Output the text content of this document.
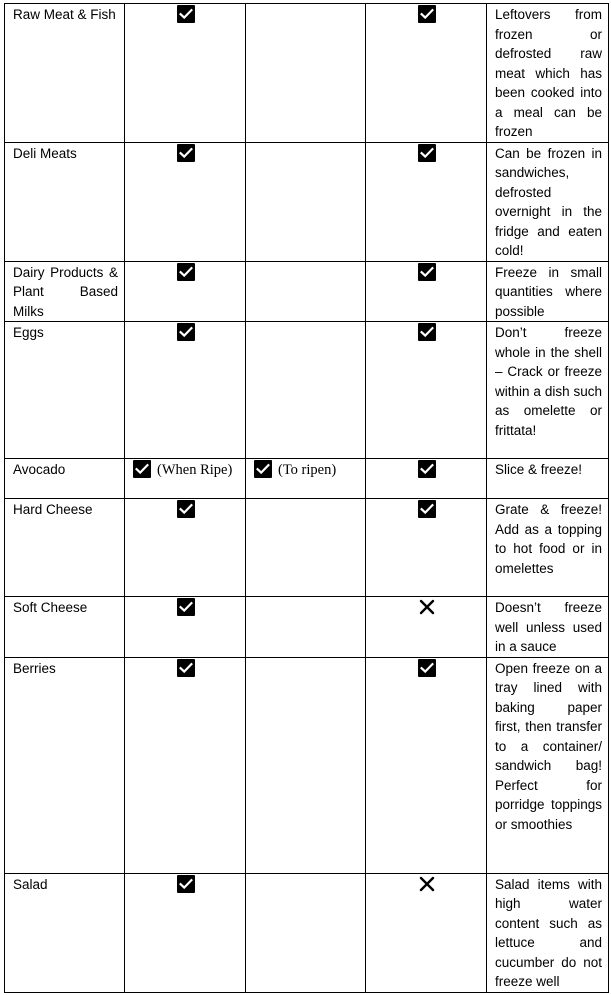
Raw Meat & Fish				Leftovers from frozen or defrosted raw meat which has been cooked into a meal can be frozen
Deli Meats				Can be frozen in sandwiches, defrosted overnight in the fridge and eaten cold!
Dairy Products & Plant Based Milks				Freeze in small quantities where possible
Eggs				Don’t freeze whole in the shell – Crack or freeze within a dish such as omelette or frittata!
Avocado	(When Ripe)	(To ripen)		Slice & freeze!
Hard Cheese				Grate & freeze! Add as a topping to hot food or in omelettes
Soft Cheese				Doesn’t freeze well unless used in a sauce
Berries				Open freeze on a tray lined with baking paper first, then transfer to a container/ sandwich bag! Perfect for porridge toppings or smoothies
Salad				Salad items with high water content such as lettuce and cucumber do not freeze well
